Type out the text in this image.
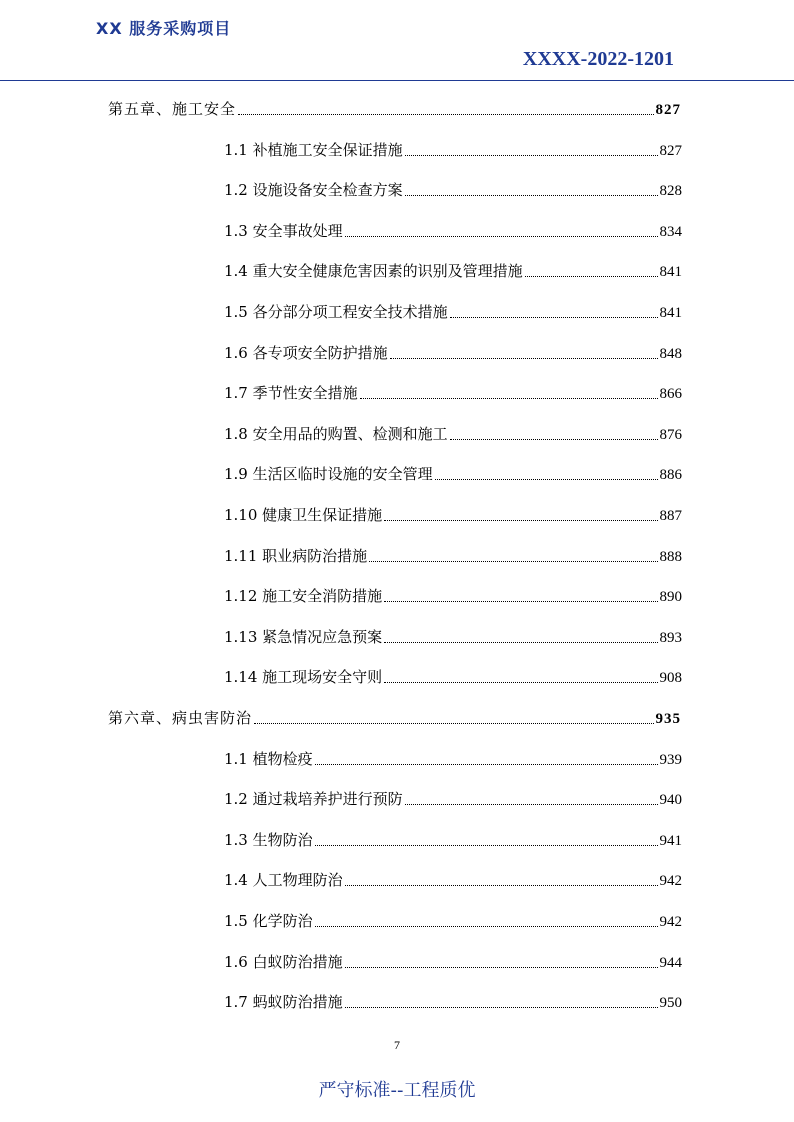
XX 服务采购项目
XXXX-2022-1201
第五章、施工安全	827
1.1 补植施工安全保证措施	827
1.2 设施设备安全检查方案	828
1.3 安全事故处理	834
1.4 重大安全健康危害因素的识别及管理措施	841
1.5 各分部分项工程安全技术措施	841
1.6 各专项安全防护措施	848
1.7 季节性安全措施	866
1.8 安全用品的购置、检测和施工	876
1.9 生活区临时设施的安全管理	886
1.10 健康卫生保证措施	887
1.11 职业病防治措施	888
1.12 施工安全消防措施	890
1.13 紧急情况应急预案	893
1.14 施工现场安全守则	908
第六章、病虫害防治	935
1.1 植物检疫	939
1.2 通过栽培养护进行预防	940
1.3 生物防治	941
1.4 人工物理防治	942
1.5 化学防治	942
1.6 白蚁防治措施	944
1.7 蚂蚁防治措施	950
7
严守标准--工程质优
